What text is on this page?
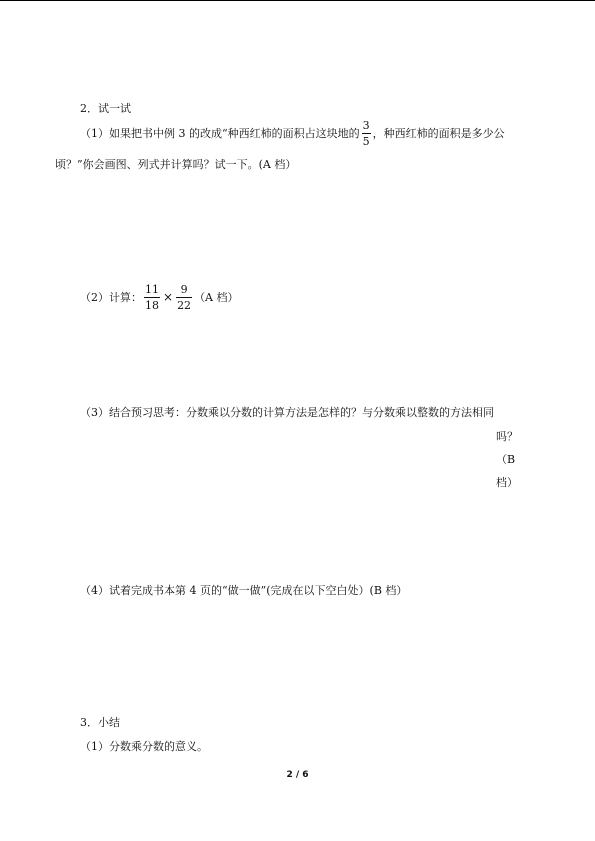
2．试一试
（1）如果把书中例 3 的改成“种西红柿的面积占这块地的 $\frac{3}{5}$ ，种西红柿的面积是多少公
顷？”你会画图、列式并计算吗？试一下。(A 档）
（2）计算： $\frac{11}{18} \times \frac{9}{22} (A$ 档）
（3）结合预习思考：分数乘以分数的计算方法是怎样的？与分数乘以整数的方法相同
吗？
（B
档）
（4）试着完成书本第 4 页的“做一做”(完成在以下空白处）(B 档）
3．小结
（1）分数乘分数的意义。
2 / 6
